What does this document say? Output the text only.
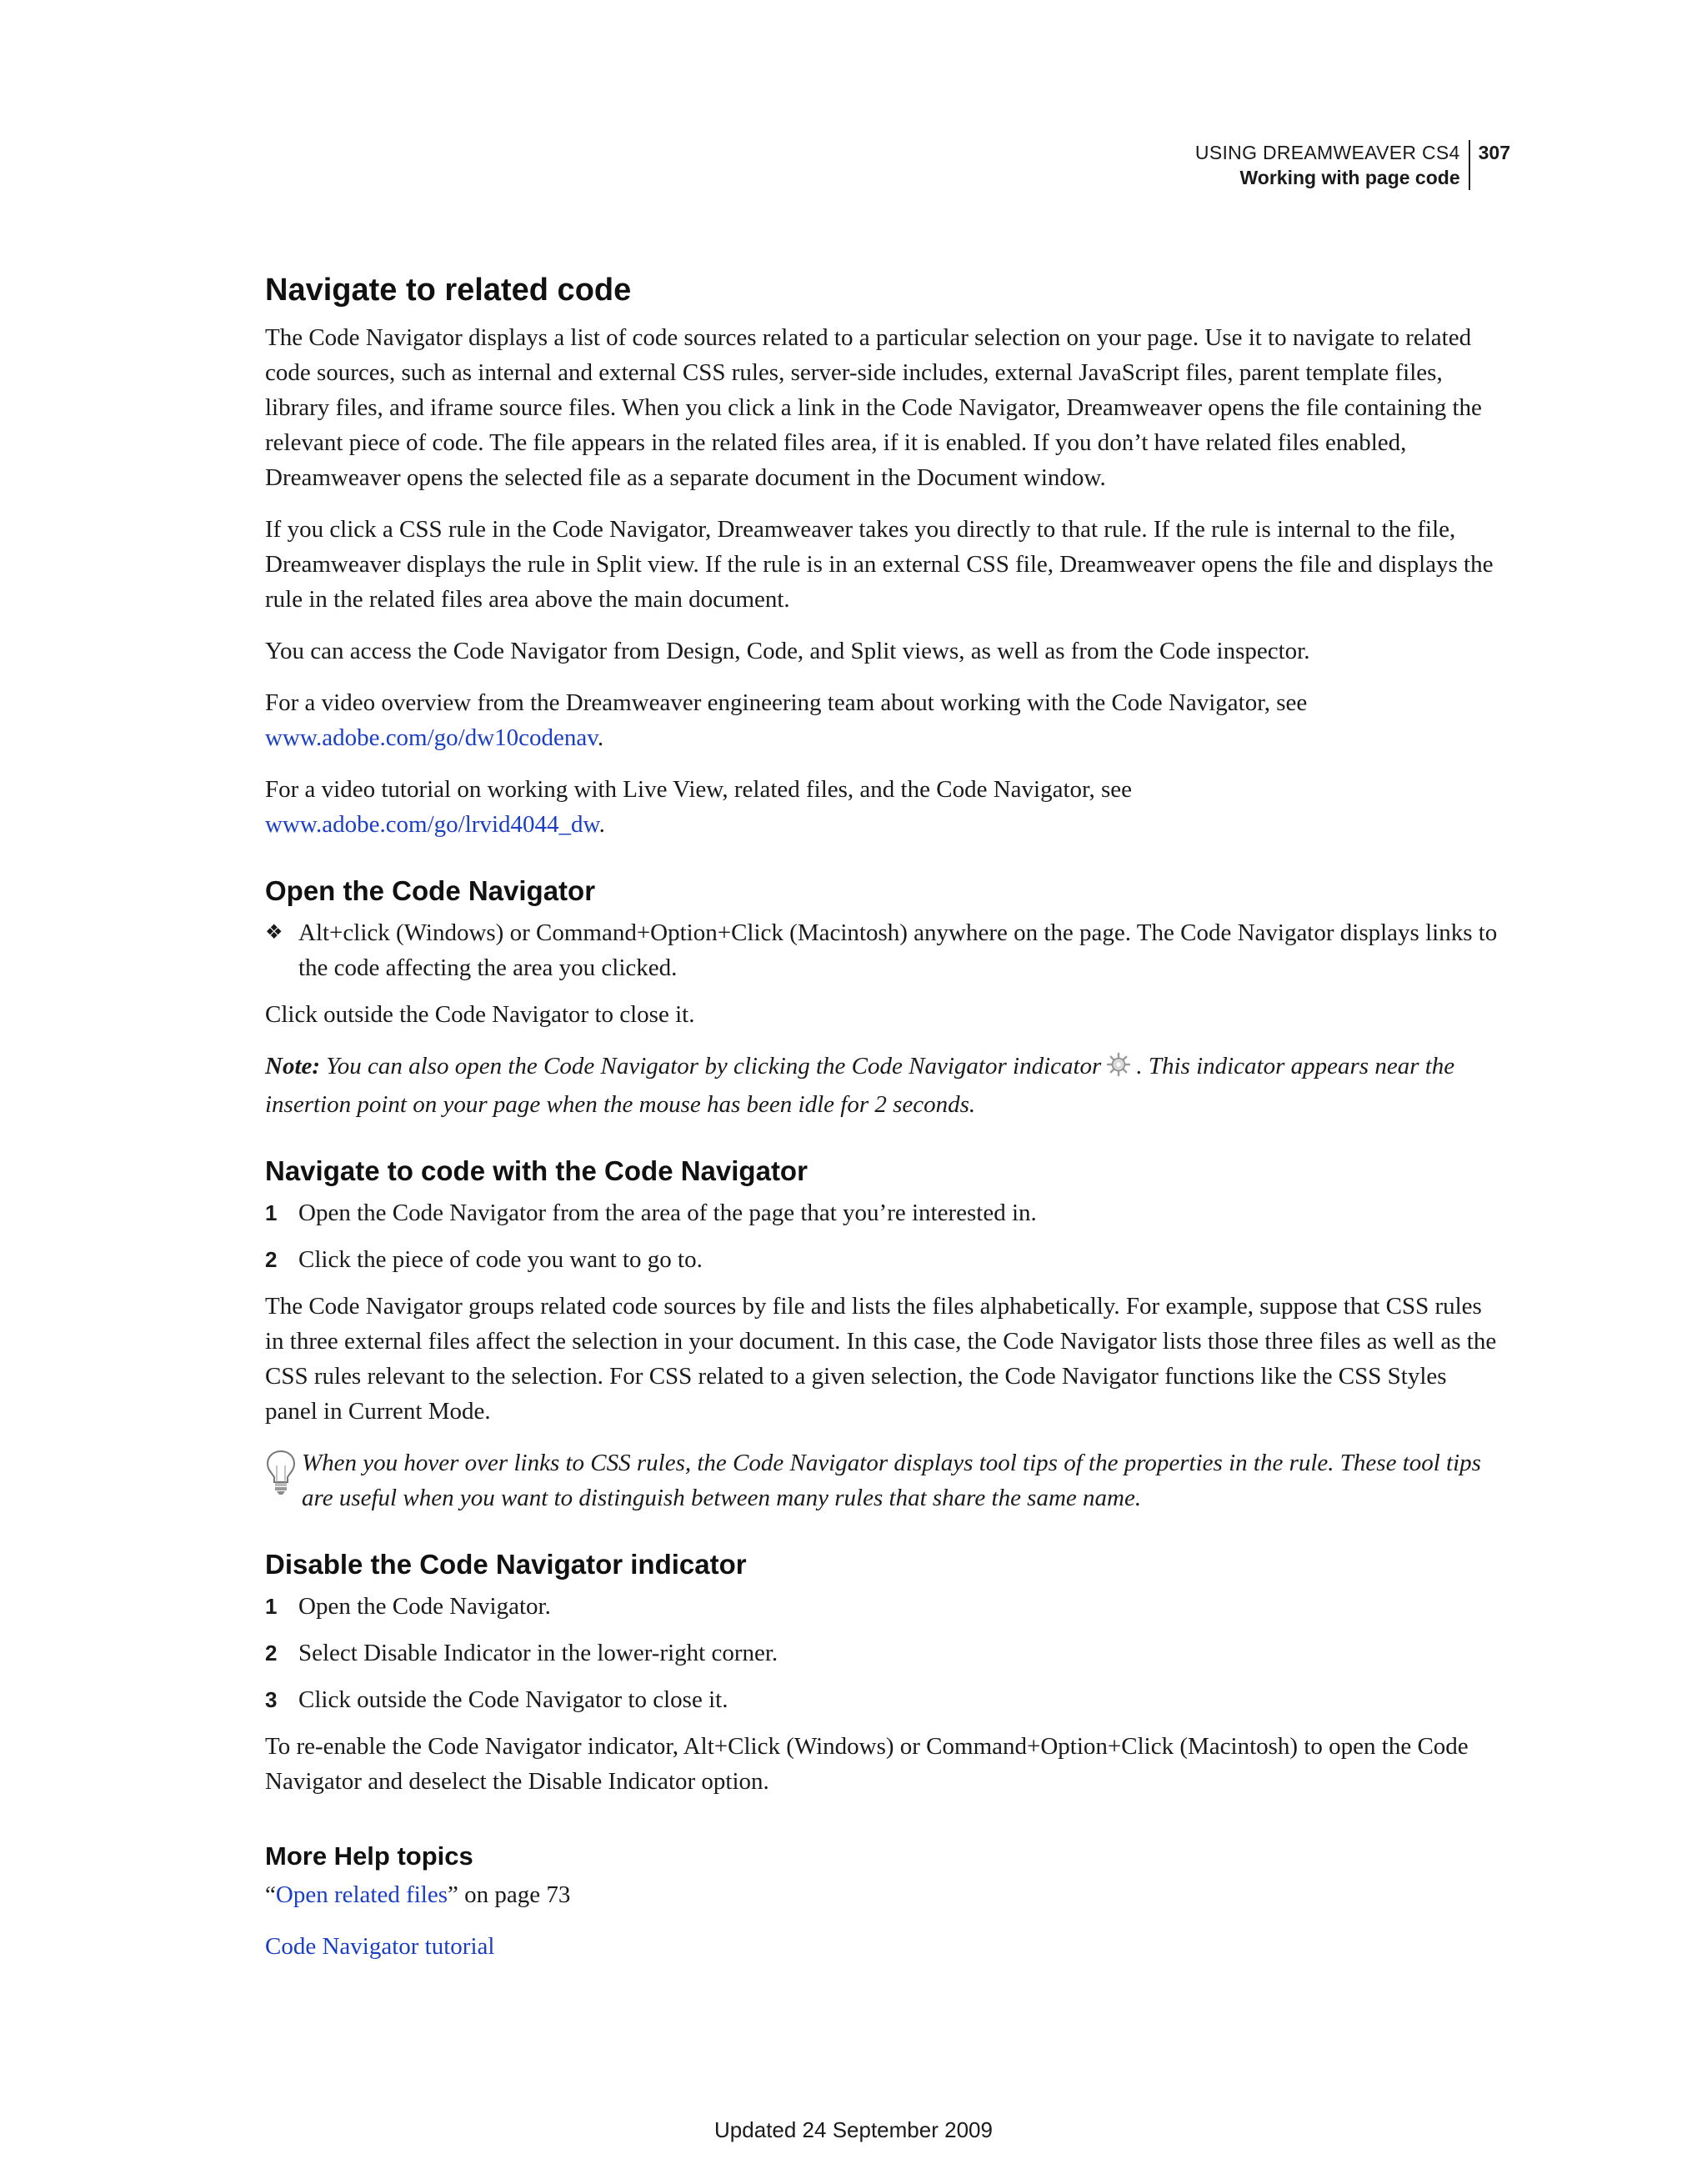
USING DREAMWEAVER CS4
Working with page code
307
Navigate to related code

The Code Navigator displays a list of code sources related to a particular selection on your page. Use it to navigate to related code sources, such as internal and external CSS rules, server-side includes, external JavaScript files, parent template files, library files, and iframe source files. When you click a link in the Code Navigator, Dreamweaver opens the file containing the relevant piece of code. The file appears in the related files area, if it is enabled. If you don’t have related files enabled, Dreamweaver opens the selected file as a separate document in the Document window.

If you click a CSS rule in the Code Navigator, Dreamweaver takes you directly to that rule. If the rule is internal to the file, Dreamweaver displays the rule in Split view. If the rule is in an external CSS file, Dreamweaver opens the file and displays the rule in the related files area above the main document.

You can access the Code Navigator from Design, Code, and Split views, as well as from the Code inspector.

For a video overview from the Dreamweaver engineering team about working with the Code Navigator, see
www.adobe.com/go/dw10codenav.

For a video tutorial on working with Live View, related files, and the Code Navigator, see
www.adobe.com/go/lrvid4044_dw.

Open the Code Navigator
❖ Alt+click (Windows) or Command+Option+Click (Macintosh) anywhere on the page. The Code Navigator displays links to the code affecting the area you clicked.

Click outside the Code Navigator to close it.

Note: You can also open the Code Navigator by clicking the Code Navigator indicator . This indicator appears near the insertion point on your page when the mouse has been idle for 2 seconds.

Navigate to code with the Code Navigator
1 Open the Code Navigator from the area of the page that you’re interested in.
2 Click the piece of code you want to go to.

The Code Navigator groups related code sources by file and lists the files alphabetically. For example, suppose that CSS rules in three external files affect the selection in your document. In this case, the Code Navigator lists those three files as well as the CSS rules relevant to the selection. For CSS related to a given selection, the Code Navigator functions like the CSS Styles panel in Current Mode.

When you hover over links to CSS rules, the Code Navigator displays tool tips of the properties in the rule. These tool tips are useful when you want to distinguish between many rules that share the same name.
Disable the Code Navigator indicator
1 Open the Code Navigator.
2 Select Disable Indicator in the lower-right corner.
3 Click outside the Code Navigator to close it.

To re-enable the Code Navigator indicator, Alt+Click (Windows) or Command+Option+Click (Macintosh) to open the Code Navigator and deselect the Disable Indicator option.

More Help topics

“Open related files” on page 73

Code Navigator tutorial

Updated 24 September 2009
